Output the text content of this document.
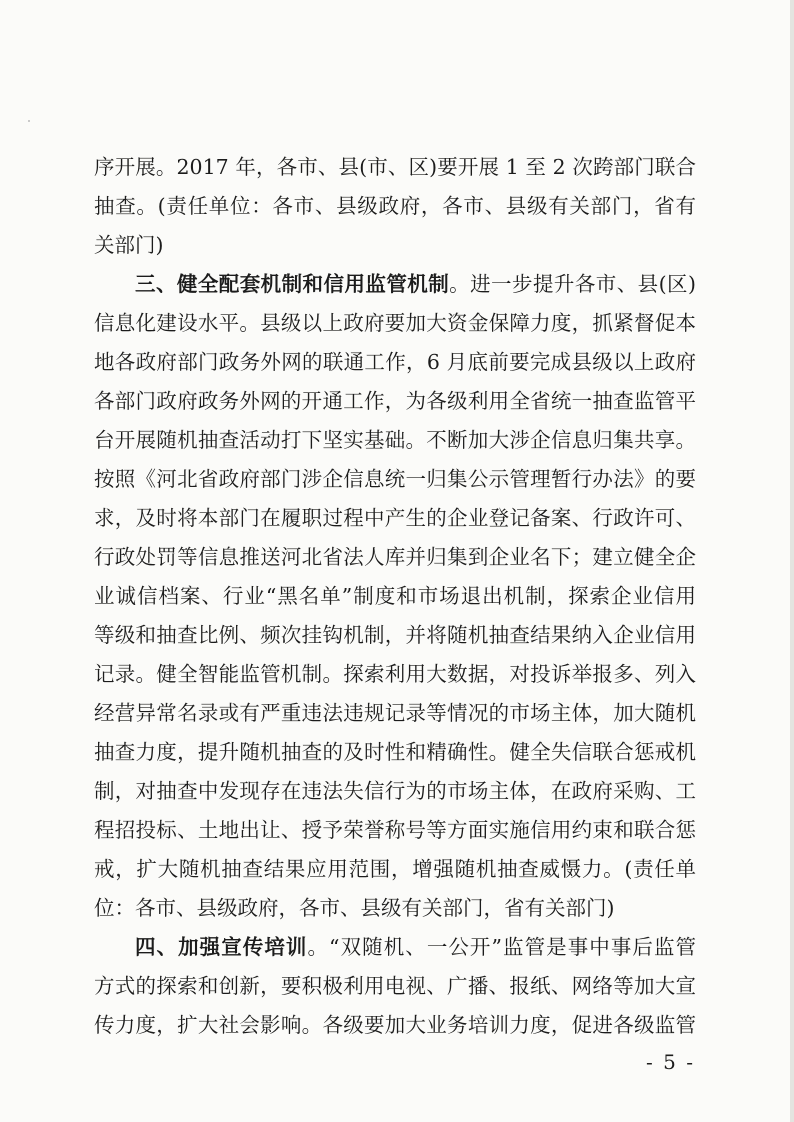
序开展。2017 年，各市、县(市、区)要开展 1 至 2 次跨部门联合
抽查。(责任单位：各市、县级政府，各市、县级有关部门，省有
关部门)
三、健全配套机制和信用监管机制。进一步提升各市、县(区)
信息化建设水平。县级以上政府要加大资金保障力度，抓紧督促本
地各政府部门政务外网的联通工作，6 月底前要完成县级以上政府
各部门政府政务外网的开通工作，为各级利用全省统一抽查监管平
台开展随机抽查活动打下坚实基础。不断加大涉企信息归集共享。
按照《河北省政府部门涉企信息统一归集公示管理暂行办法》的要
求，及时将本部门在履职过程中产生的企业登记备案、行政许可、
行政处罚等信息推送河北省法人库并归集到企业名下；建立健全企
业诚信档案、行业“黑名单”制度和市场退出机制，探索企业信用
等级和抽查比例、频次挂钩机制，并将随机抽查结果纳入企业信用
记录。健全智能监管机制。探索利用大数据，对投诉举报多、列入
经营异常名录或有严重违法违规记录等情况的市场主体，加大随机
抽查力度，提升随机抽查的及时性和精确性。健全失信联合惩戒机
制，对抽查中发现存在违法失信行为的市场主体，在政府采购、工
程招投标、土地出让、授予荣誉称号等方面实施信用约束和联合惩
戒，扩大随机抽查结果应用范围，增强随机抽查威慑力。(责任单
位：各市、县级政府，各市、县级有关部门，省有关部门)
四、加强宣传培训。“双随机、一公开”监管是事中事后监管
方式的探索和创新，要积极利用电视、广播、报纸、网络等加大宣
传力度，扩大社会影响。各级要加大业务培训力度，促进各级监管
- 5 -
